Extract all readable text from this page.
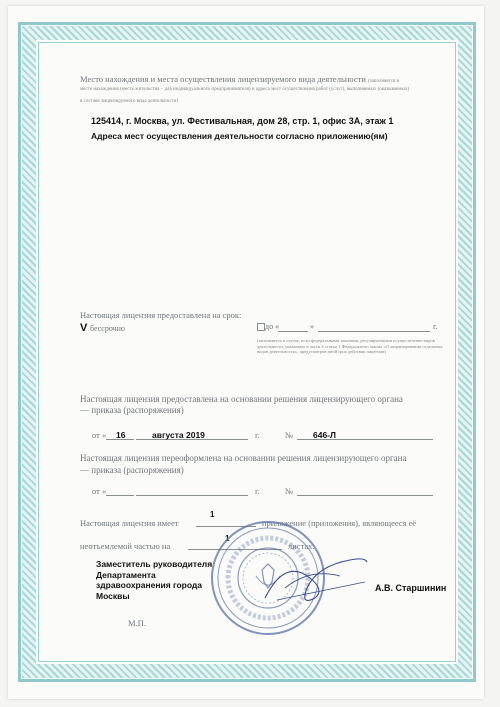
Место нахождения и места осуществления лицензируемого вида деятельности (заполняется в
месте нахождения (месте жительства – для индивидуального предпринимателя) и адреса мест осуществления работ (услуг), выполняемых (оказываемых)
в составе лицензируемого вида деятельности)
125414, г. Москва, ул. Фестивальная, дом 28, стр. 1, офис 3А, этаж 1
Адреса мест осуществления деятельности согласно приложению(ям)
Настоящая лицензия предоставлена на срок:
V бессрочно	до «	»	г.
(заполняется в случае, если федеральными законами, регулирующими осуществление видов деятельности, указанных в части 4 статьи 1 Федерального закона «О лицензировании отдельных видов деятельности», предусмотрен иной срок действия лицензии)
Настоящая лицензия предоставлена на основании решения лицензирующего органа
— приказа (распоряжения)
от « 16	августа 2019	г.	№ 646-Л
Настоящая лицензия переоформлена на основании решения лицензирующего органа
— приказа (распоряжения)
от «	г.	№
Настоящая лицензия имеет
1
приложение (приложения), являющееся её
неотъемлемой частью на
1
листах.
Заместитель руководителя
Департамента
здравоохранения города
Москвы
А.В. Старшинин
М.П.
